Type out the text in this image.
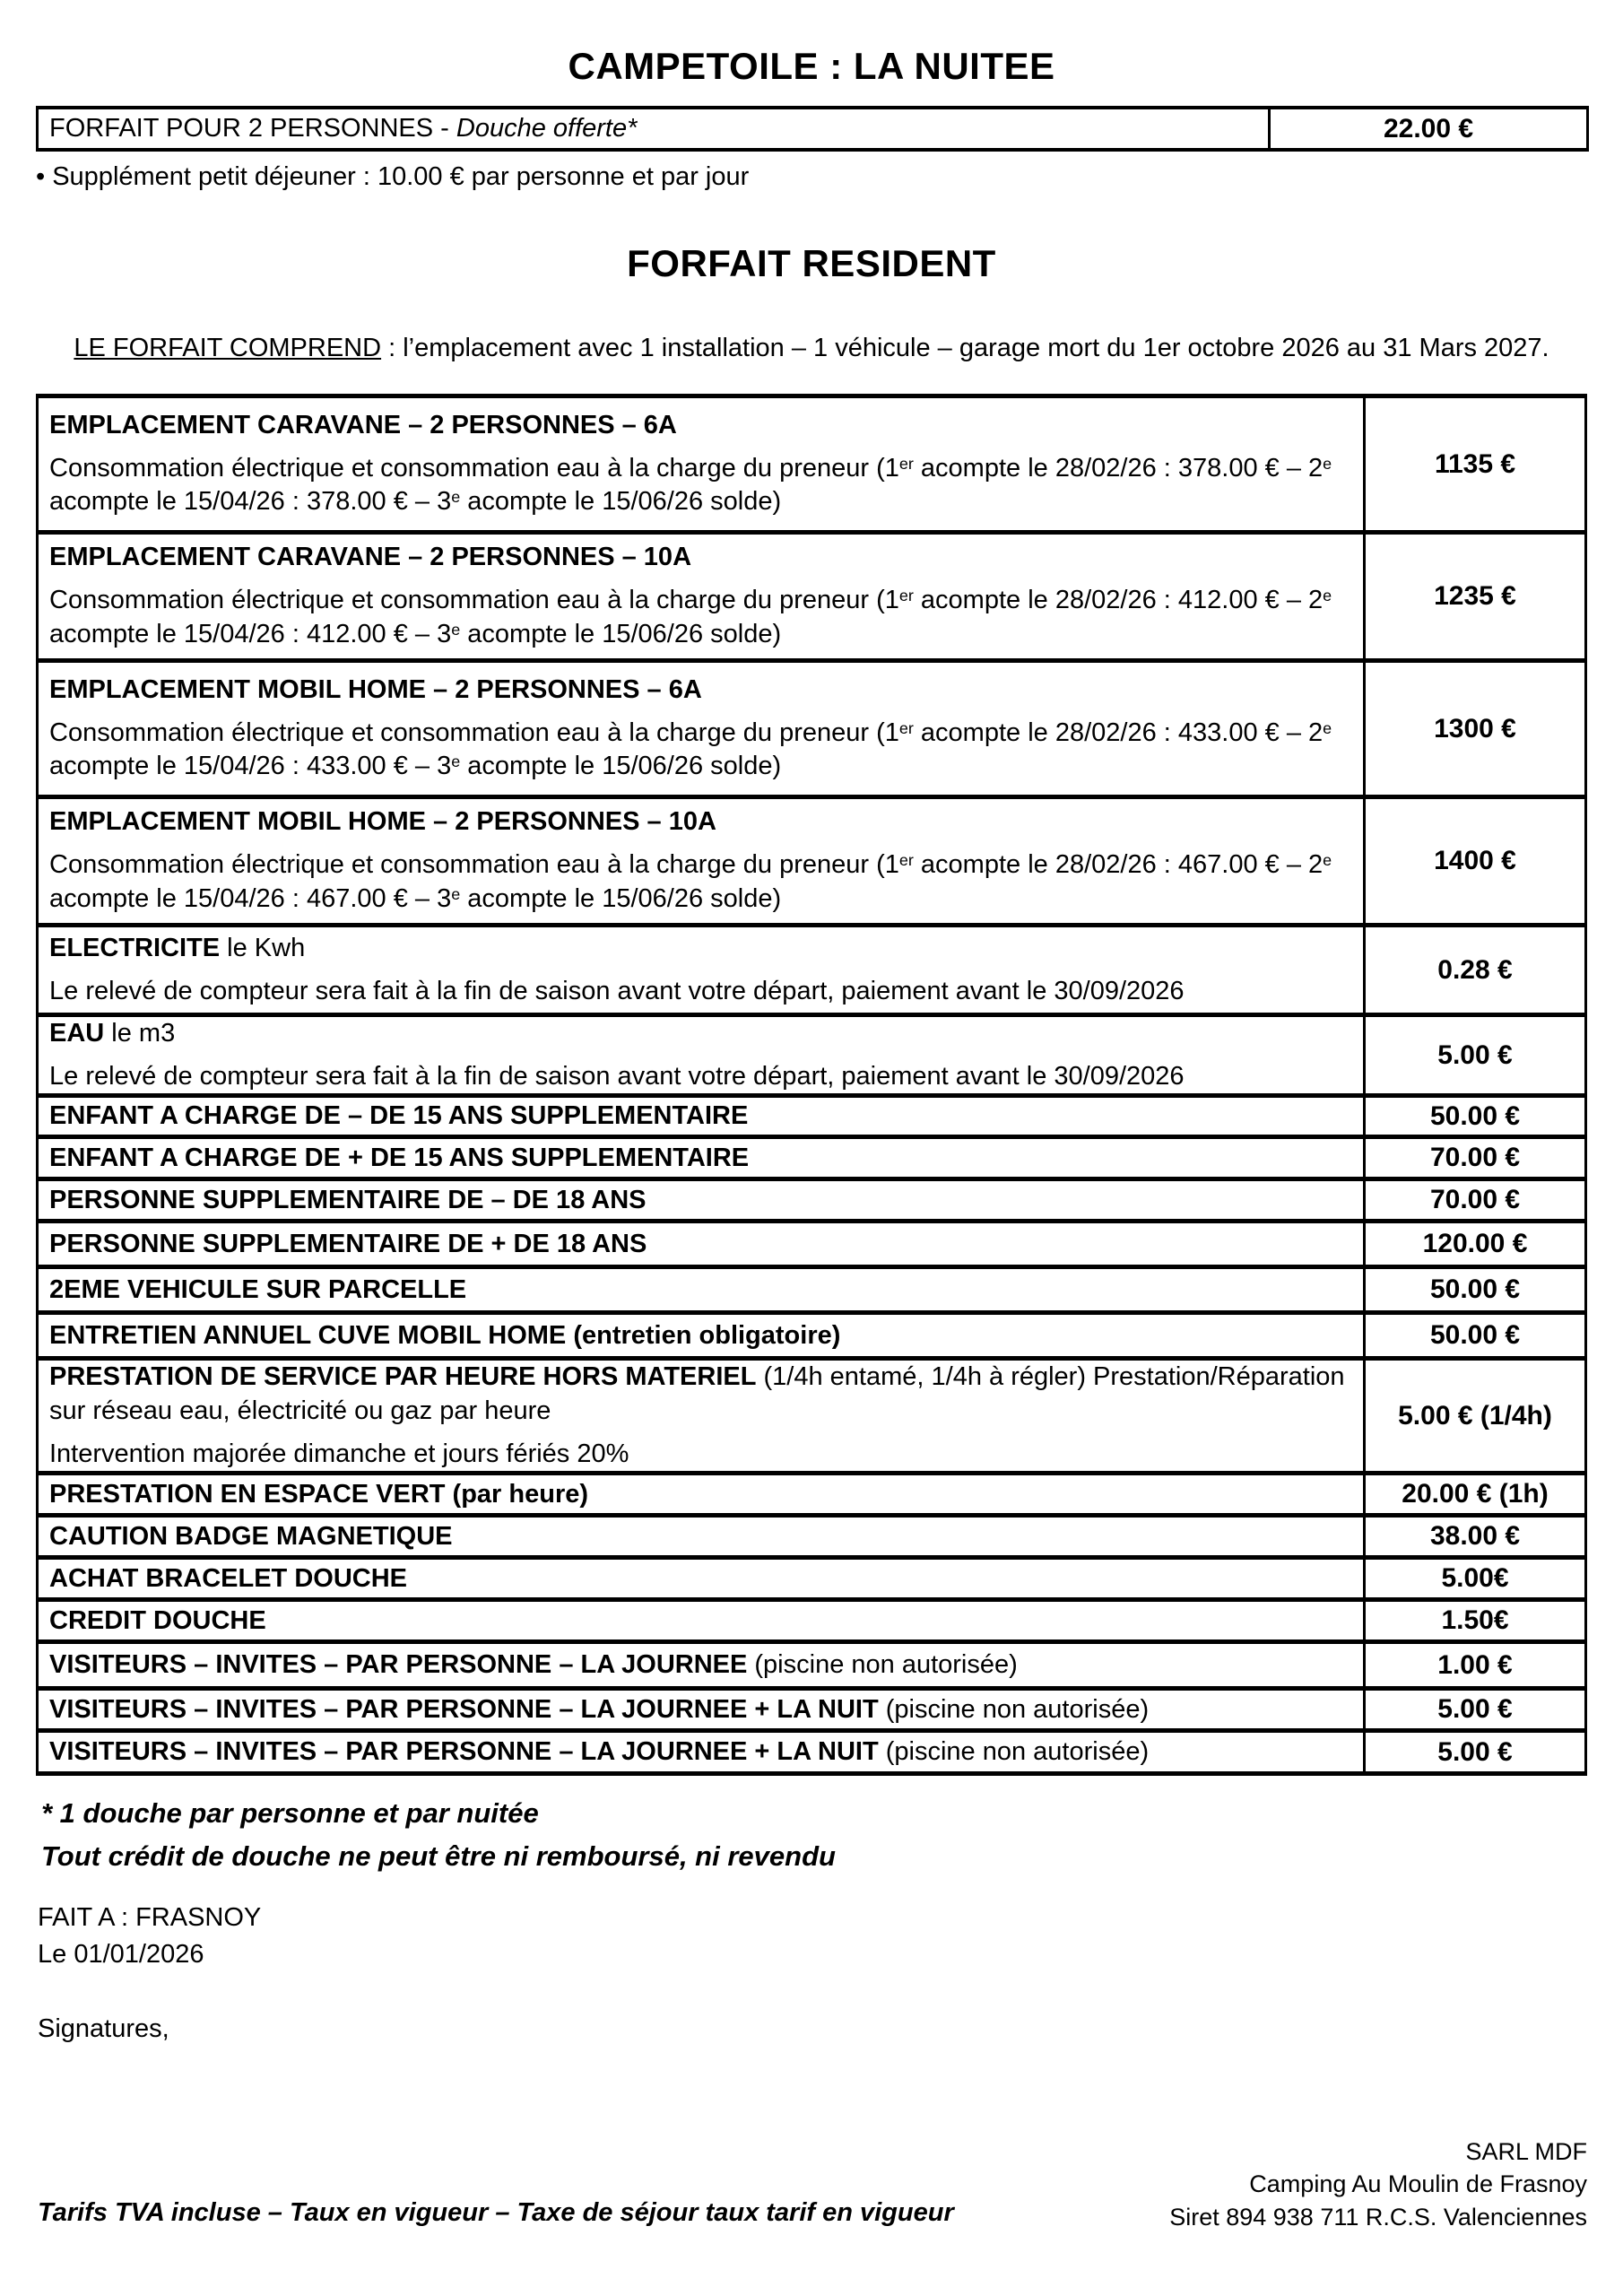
CAMPETOILE : LA NUITEE
FORFAIT POUR 2 PERSONNES - Douche offerte*	22.00 €
• Supplément petit déjeuner : 10.00 € par personne et par jour
FORFAIT RESIDENT
LE FORFAIT COMPREND : l’emplacement avec 1 installation – 1 véhicule – garage mort du 1er octobre 2026 au 31 Mars 2027.
EMPLACEMENT CARAVANE – 2 PERSONNES – 6A
Consommation électrique et consommation eau à la charge du preneur (1er acompte le 28/02/26 : 378.00 € – 2e acompte le 15/04/26 : 378.00 € – 3e acompte le 15/06/26 solde)	1135 €

EMPLACEMENT CARAVANE – 2 PERSONNES – 10A
Consommation électrique et consommation eau à la charge du preneur (1er acompte le 28/02/26 : 412.00 € – 2e acompte le 15/04/26 : 412.00 € – 3e acompte le 15/06/26 solde)	1235 €

EMPLACEMENT MOBIL HOME – 2 PERSONNES – 6A
Consommation électrique et consommation eau à la charge du preneur (1er acompte le 28/02/26 : 433.00 € – 2e acompte le 15/04/26 : 433.00 € – 3e acompte le 15/06/26 solde)	1300 €

EMPLACEMENT MOBIL HOME – 2 PERSONNES – 10A
Consommation électrique et consommation eau à la charge du preneur (1er acompte le 28/02/26 : 467.00 € – 2e acompte le 15/04/26 : 467.00 € – 3e acompte le 15/06/26 solde)	1400 €

ELECTRICITE le Kwh
Le relevé de compteur sera fait à la fin de saison avant votre départ, paiement avant le 30/09/2026	0.28 €

EAU le m3
Le relevé de compteur sera fait à la fin de saison avant votre départ, paiement avant le 30/09/2026	5.00 €

ENFANT A CHARGE DE – DE 15 ANS SUPPLEMENTAIRE	50.00 €

ENFANT A CHARGE DE + DE 15 ANS SUPPLEMENTAIRE	70.00 €

PERSONNE SUPPLEMENTAIRE DE – DE 18 ANS	70.00 €

PERSONNE SUPPLEMENTAIRE DE + DE 18 ANS	120.00 €

2EME VEHICULE SUR PARCELLE	50.00 €

ENTRETIEN ANNUEL CUVE MOBIL HOME (entretien obligatoire)	50.00 €

PRESTATION DE SERVICE PAR HEURE HORS MATERIEL (1/4h entamé, 1/4h à régler) Prestation/Réparation sur réseau eau, électricité ou gaz par heure
Intervention majorée dimanche et jours fériés 20%	5.00 € (1/4h)

PRESTATION EN ESPACE VERT (par heure)	20.00 € (1h)

CAUTION BADGE MAGNETIQUE	38.00 €

ACHAT BRACELET DOUCHE	5.00€

CREDIT DOUCHE	1.50€

VISITEURS – INVITES – PAR PERSONNE – LA JOURNEE (piscine non autorisée)	1.00 €

VISITEURS – INVITES – PAR PERSONNE – LA JOURNEE + LA NUIT (piscine non autorisée)	5.00 €

VISITEURS – INVITES – PAR PERSONNE – LA JOURNEE + LA NUIT (piscine non autorisée)	5.00 €
* 1 douche par personne et par nuitée
Tout crédit de douche ne peut être ni remboursé, ni revendu
FAIT A : FRASNOY
Le 01/01/2026
Signatures,
Tarifs TVA incluse – Taux en vigueur – Taxe de séjour taux tarif en vigueur
SARL MDF
Camping Au Moulin de Frasnoy
Siret 894 938 711 R.C.S. Valenciennes
